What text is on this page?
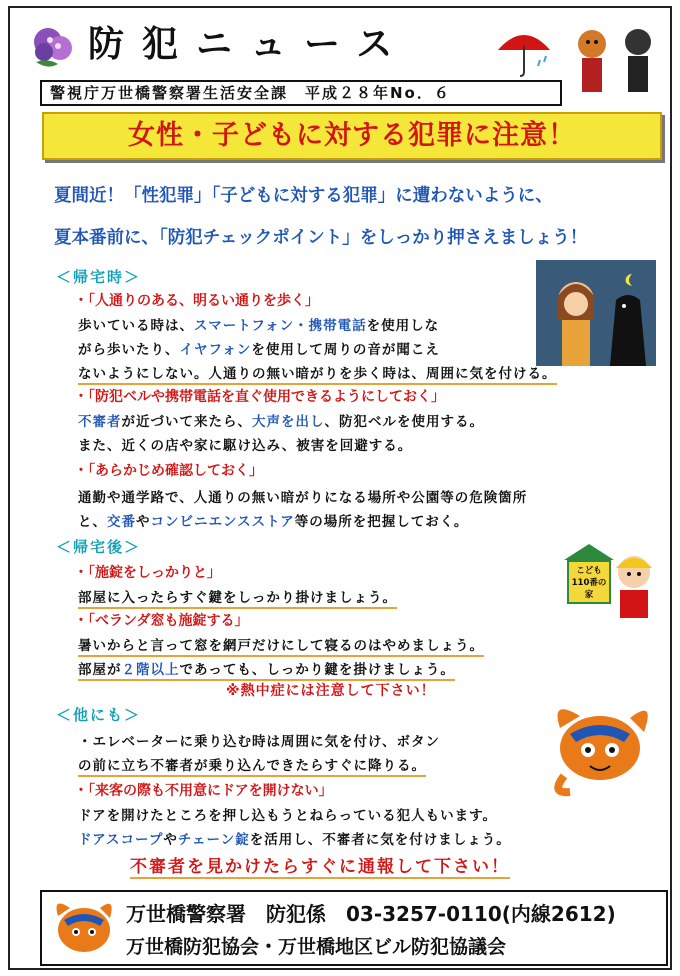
防犯ニュース
警視庁万世橋警察署生活安全課　平成２８年No．６
女性・子どもに対する犯罪に注意！
夏間近！「性犯罪」「子どもに対する犯罪」に遭わないように、
夏本番前に、「防犯チェックポイント」をしっかり押さえましょう！
＜帰宅時＞
・「人通りのある、明るい通りを歩く」
歩いている時は、スマートフォン・携帯電話を使用しな
がら歩いたり、イヤフォンを使用して周りの音が聞こえ
ないようにしない。人通りの無い暗がりを歩く時は、周囲に気を付ける。
・「防犯ベルや携帯電話を直ぐ使用できるようにしておく」
不審者が近づいて来たら、大声を出し、防犯ベルを使用する。
また、近くの店や家に駆け込み、被害を回避する。
・「あらかじめ確認しておく」
通勤や通学路で、人通りの無い暗がりになる場所や公園等の危険箇所
と、交番やコンビニエンスストア等の場所を把握しておく。
＜帰宅後＞
・「施錠をしっかりと」
部屋に入ったらすぐ鍵をしっかり掛けましょう。
・「ベランダ窓も施錠する」
暑いからと言って窓を網戸だけにして寝るのはやめましょう。
部屋が２階以上であっても、しっかり鍵を掛けましょう。
※熱中症には注意して下さい！
こども110番の家
＜他にも＞
・エレベーターに乗り込む時は周囲に気を付け、ボタン
の前に立ち不審者が乗り込んできたらすぐに降りる。
・「来客の際も不用意にドアを開けない」
ドアを開けたところを押し込もうとねらっている犯人もいます。
ドアスコープやチェーン錠を活用し、不審者に気を付けましょう。
不審者を見かけたらすぐに通報して下さい！
万世橋警察署　防犯係　03-3257-0110(内線2612)
万世橋防犯協会・万世橋地区ビル防犯協議会
